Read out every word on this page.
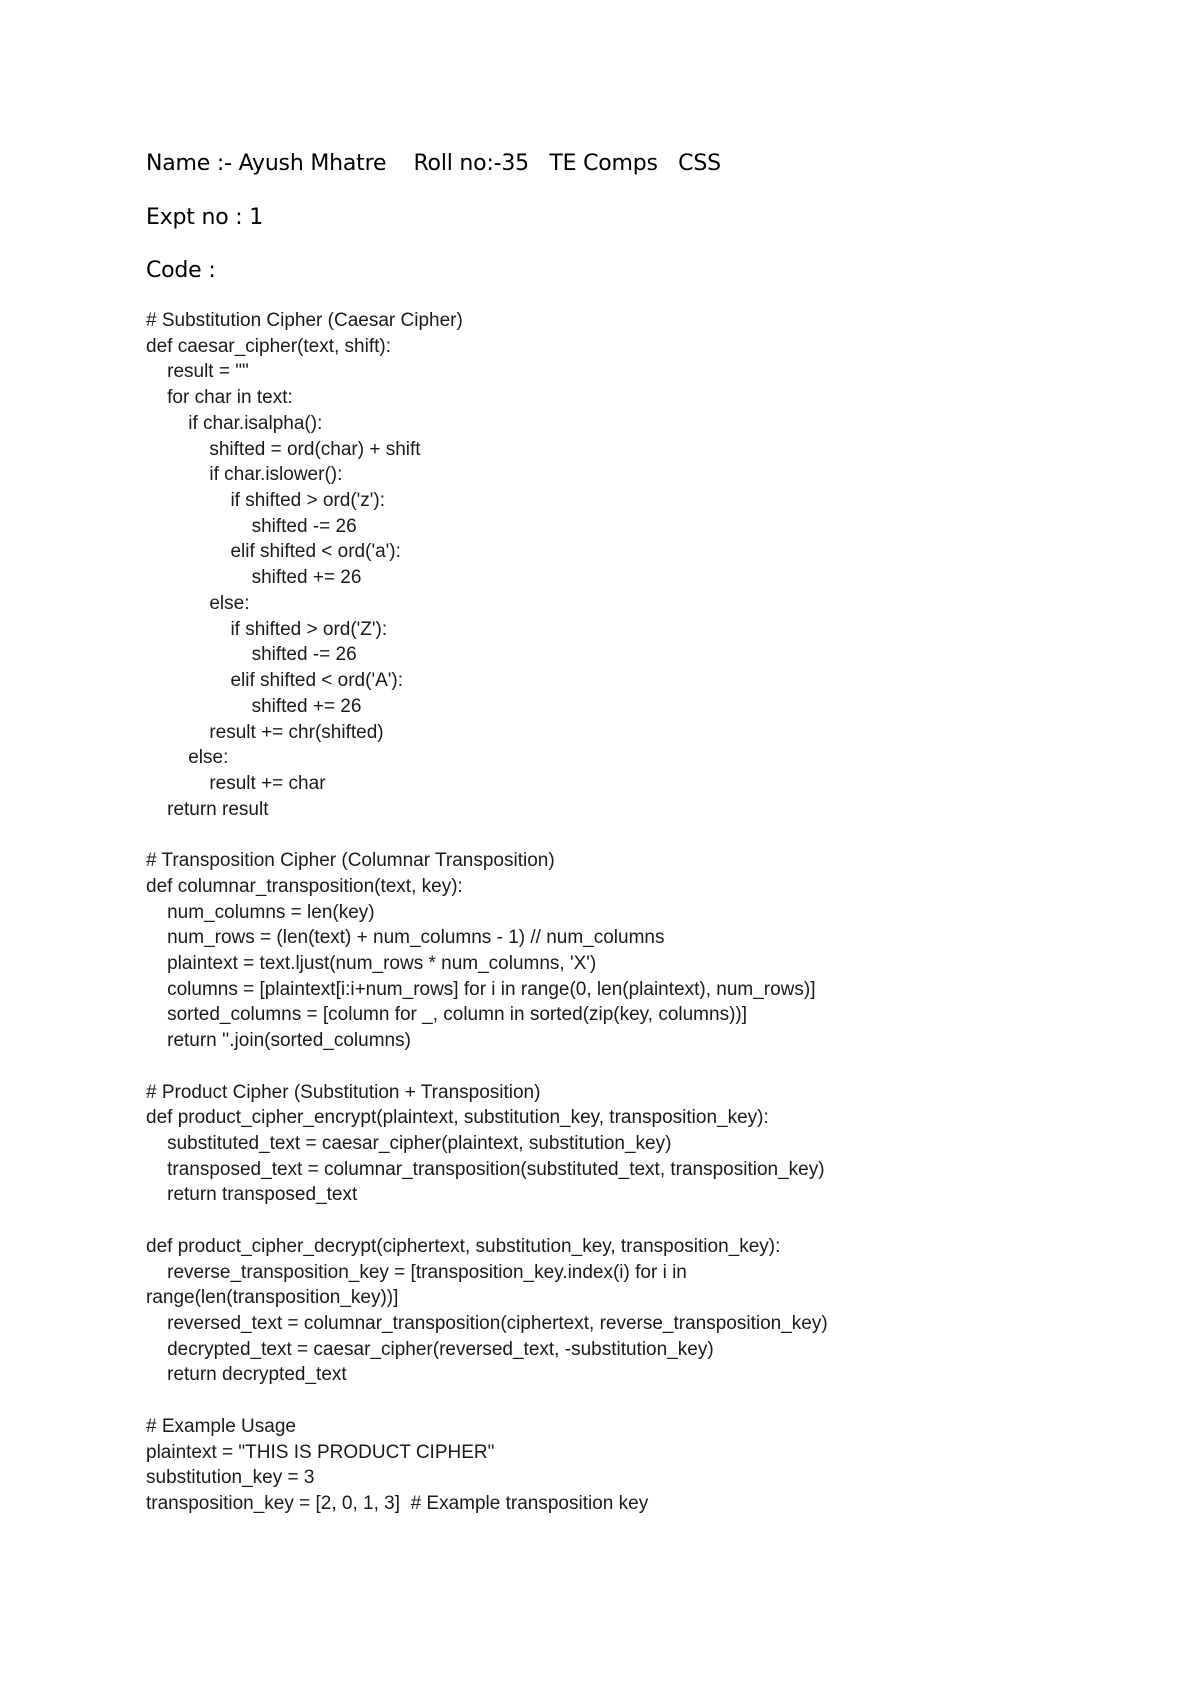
Name :- Ayush Mhatre    Roll no:-35   TE Comps   CSS
Expt no : 1
Code :
# Substitution Cipher (Caesar Cipher)
def caesar_cipher(text, shift):
result = ""
for char in text:
if char.isalpha():
shifted = ord(char) + shift
if char.islower():
if shifted > ord('z'):
shifted -= 26
elif shifted < ord('a'):
shifted += 26
else:
if shifted > ord('Z'):
shifted -= 26
elif shifted < ord('A'):
shifted += 26
result += chr(shifted)
else:
result += char
return result
# Transposition Cipher (Columnar Transposition)
def columnar_transposition(text, key):
num_columns = len(key)
num_rows = (len(text) + num_columns - 1) // num_columns
plaintext = text.ljust(num_rows * num_columns, 'X')
columns = [plaintext[i:i+num_rows] for i in range(0, len(plaintext), num_rows)]
sorted_columns = [column for _, column in sorted(zip(key, columns))]
return ''.join(sorted_columns)
# Product Cipher (Substitution + Transposition)
def product_cipher_encrypt(plaintext, substitution_key, transposition_key):
substituted_text = caesar_cipher(plaintext, substitution_key)
transposed_text = columnar_transposition(substituted_text, transposition_key)
return transposed_text
def product_cipher_decrypt(ciphertext, substitution_key, transposition_key):
reverse_transposition_key = [transposition_key.index(i) for i in
range(len(transposition_key))]
reversed_text = columnar_transposition(ciphertext, reverse_transposition_key)
decrypted_text = caesar_cipher(reversed_text, -substitution_key)
return decrypted_text
# Example Usage
plaintext = "THIS IS PRODUCT CIPHER"
substitution_key = 3
transposition_key = [2, 0, 1, 3]  # Example transposition key
